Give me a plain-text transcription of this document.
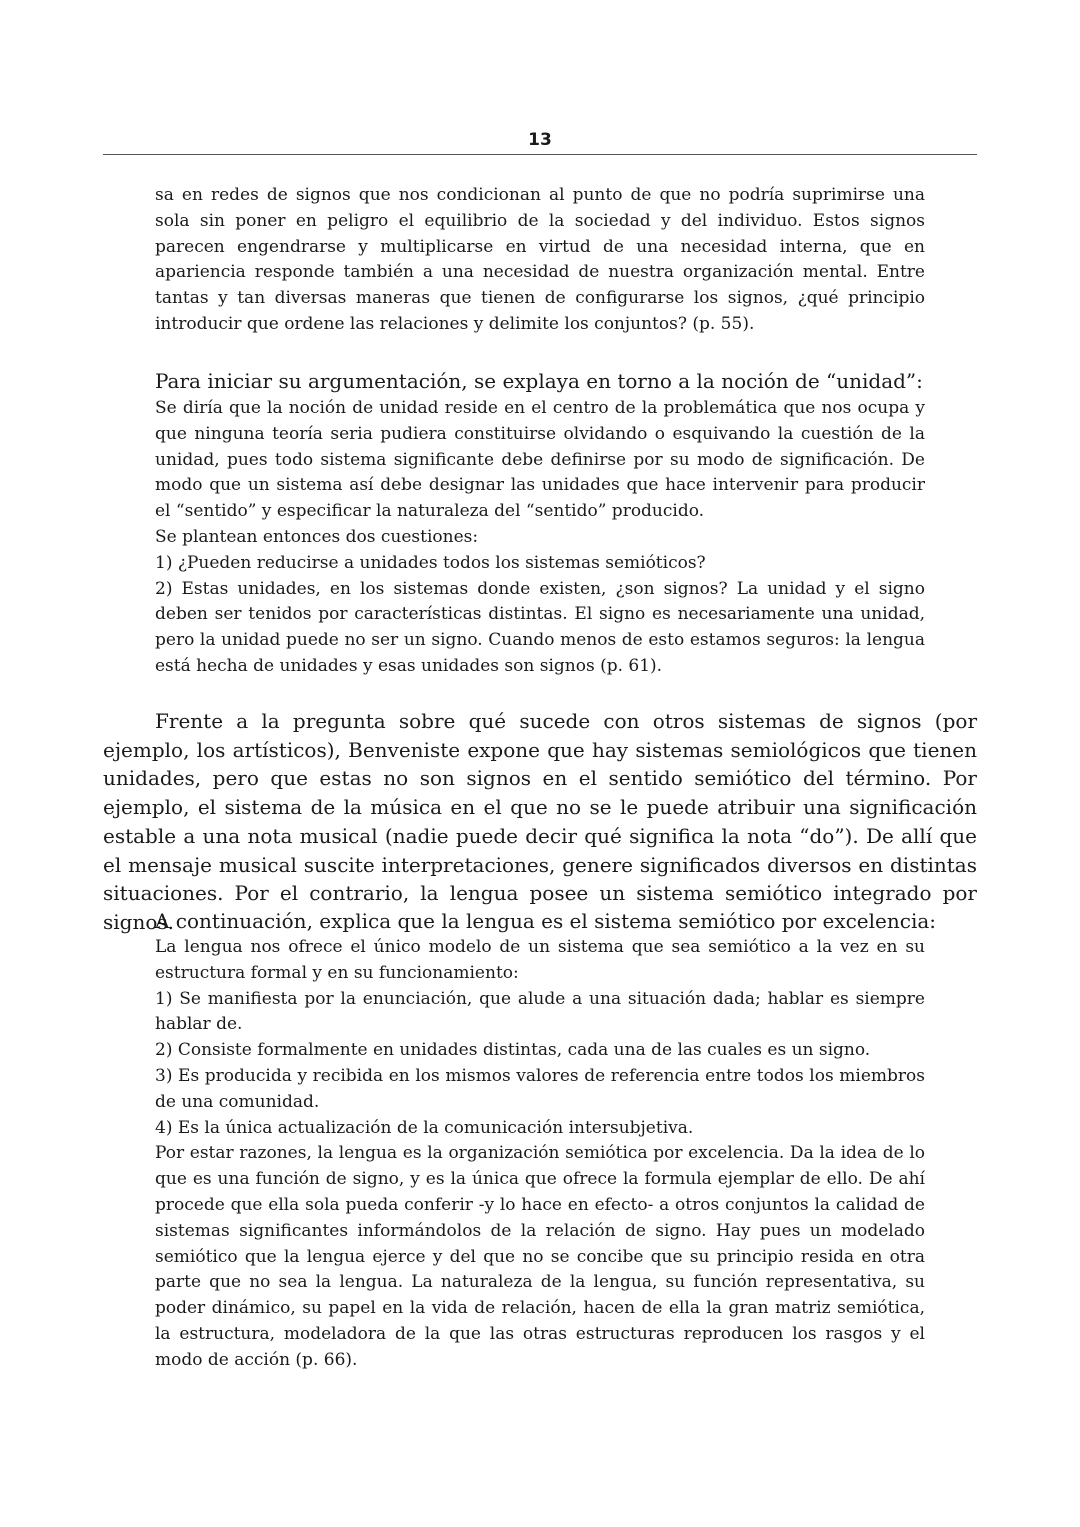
13

sa en redes de signos que nos condicionan al punto de que no podría suprimirse una sola sin poner en peligro el equilibrio de la sociedad y del individuo. Estos signos parecen engendrarse y multiplicarse en virtud de una necesidad interna, que en apariencia responde también a una necesidad de nuestra organización mental. Entre tantas y tan diversas maneras que tienen de configurarse los signos, ¿qué principio introducir que ordene las relaciones y delimite los conjuntos? (p. 55).

Para iniciar su argumentación, se explaya en torno a la noción de “unidad”:

Se diría que la noción de unidad reside en el centro de la problemática que nos ocupa y que ninguna teoría seria pudiera constituirse olvidando o esquivando la cuestión de la unidad, pues todo sistema significante debe definirse por su modo de significación. De modo que un sistema así debe designar las unidades que hace intervenir para producir el “sentido” y especificar la naturaleza del “sentido” producido.

Se plantean entonces dos cuestiones:

1) ¿Pueden reducirse a unidades todos los sistemas semióticos?

2) Estas unidades, en los sistemas donde existen, ¿son signos? La unidad y el signo deben ser tenidos por características distintas. El signo es necesariamente una unidad, pero la unidad puede no ser un signo. Cuando menos de esto estamos seguros: la lengua está hecha de unidades y esas unidades son signos (p. 61).

Frente a la pregunta sobre qué sucede con otros sistemas de signos (por ejemplo, los artísticos), Benveniste expone que hay sistemas semiológicos que tienen unidades, pero que estas no son signos en el sentido semiótico del término. Por ejemplo, el sistema de la música en el que no se le puede atribuir una significación estable a una nota musical (nadie puede decir qué significa la nota “do”). De allí que el mensaje musical suscite interpretaciones, genere significados diversos en distintas situaciones. Por el contrario, la lengua posee un sistema semiótico integrado por signos.

A continuación, explica que la lengua es el sistema semiótico por excelencia:

La lengua nos ofrece el único modelo de un sistema que sea semiótico a la vez en su estructura formal y en su funcionamiento:

1) Se manifiesta por la enunciación, que alude a una situación dada; hablar es siempre hablar de.

2) Consiste formalmente en unidades distintas, cada una de las cuales es un signo.

3) Es producida y recibida en los mismos valores de referencia entre todos los miembros de una comunidad.

4) Es la única actualización de la comunicación intersubjetiva.

Por estar razones, la lengua es la organización semiótica por excelencia. Da la idea de lo que es una función de signo, y es la única que ofrece la formula ejemplar de ello. De ahí procede que ella sola pueda conferir -y lo hace en efecto- a otros conjuntos la calidad de sistemas significantes informándolos de la relación de signo. Hay pues un modelado semiótico que la lengua ejerce y del que no se concibe que su principio resida en otra parte que no sea la lengua. La naturaleza de la lengua, su función representativa, su poder dinámico, su papel en la vida de relación, hacen de ella la gran matriz semiótica, la estructura, modeladora de la que las otras estructuras reproducen los rasgos y el modo de acción (p. 66).
